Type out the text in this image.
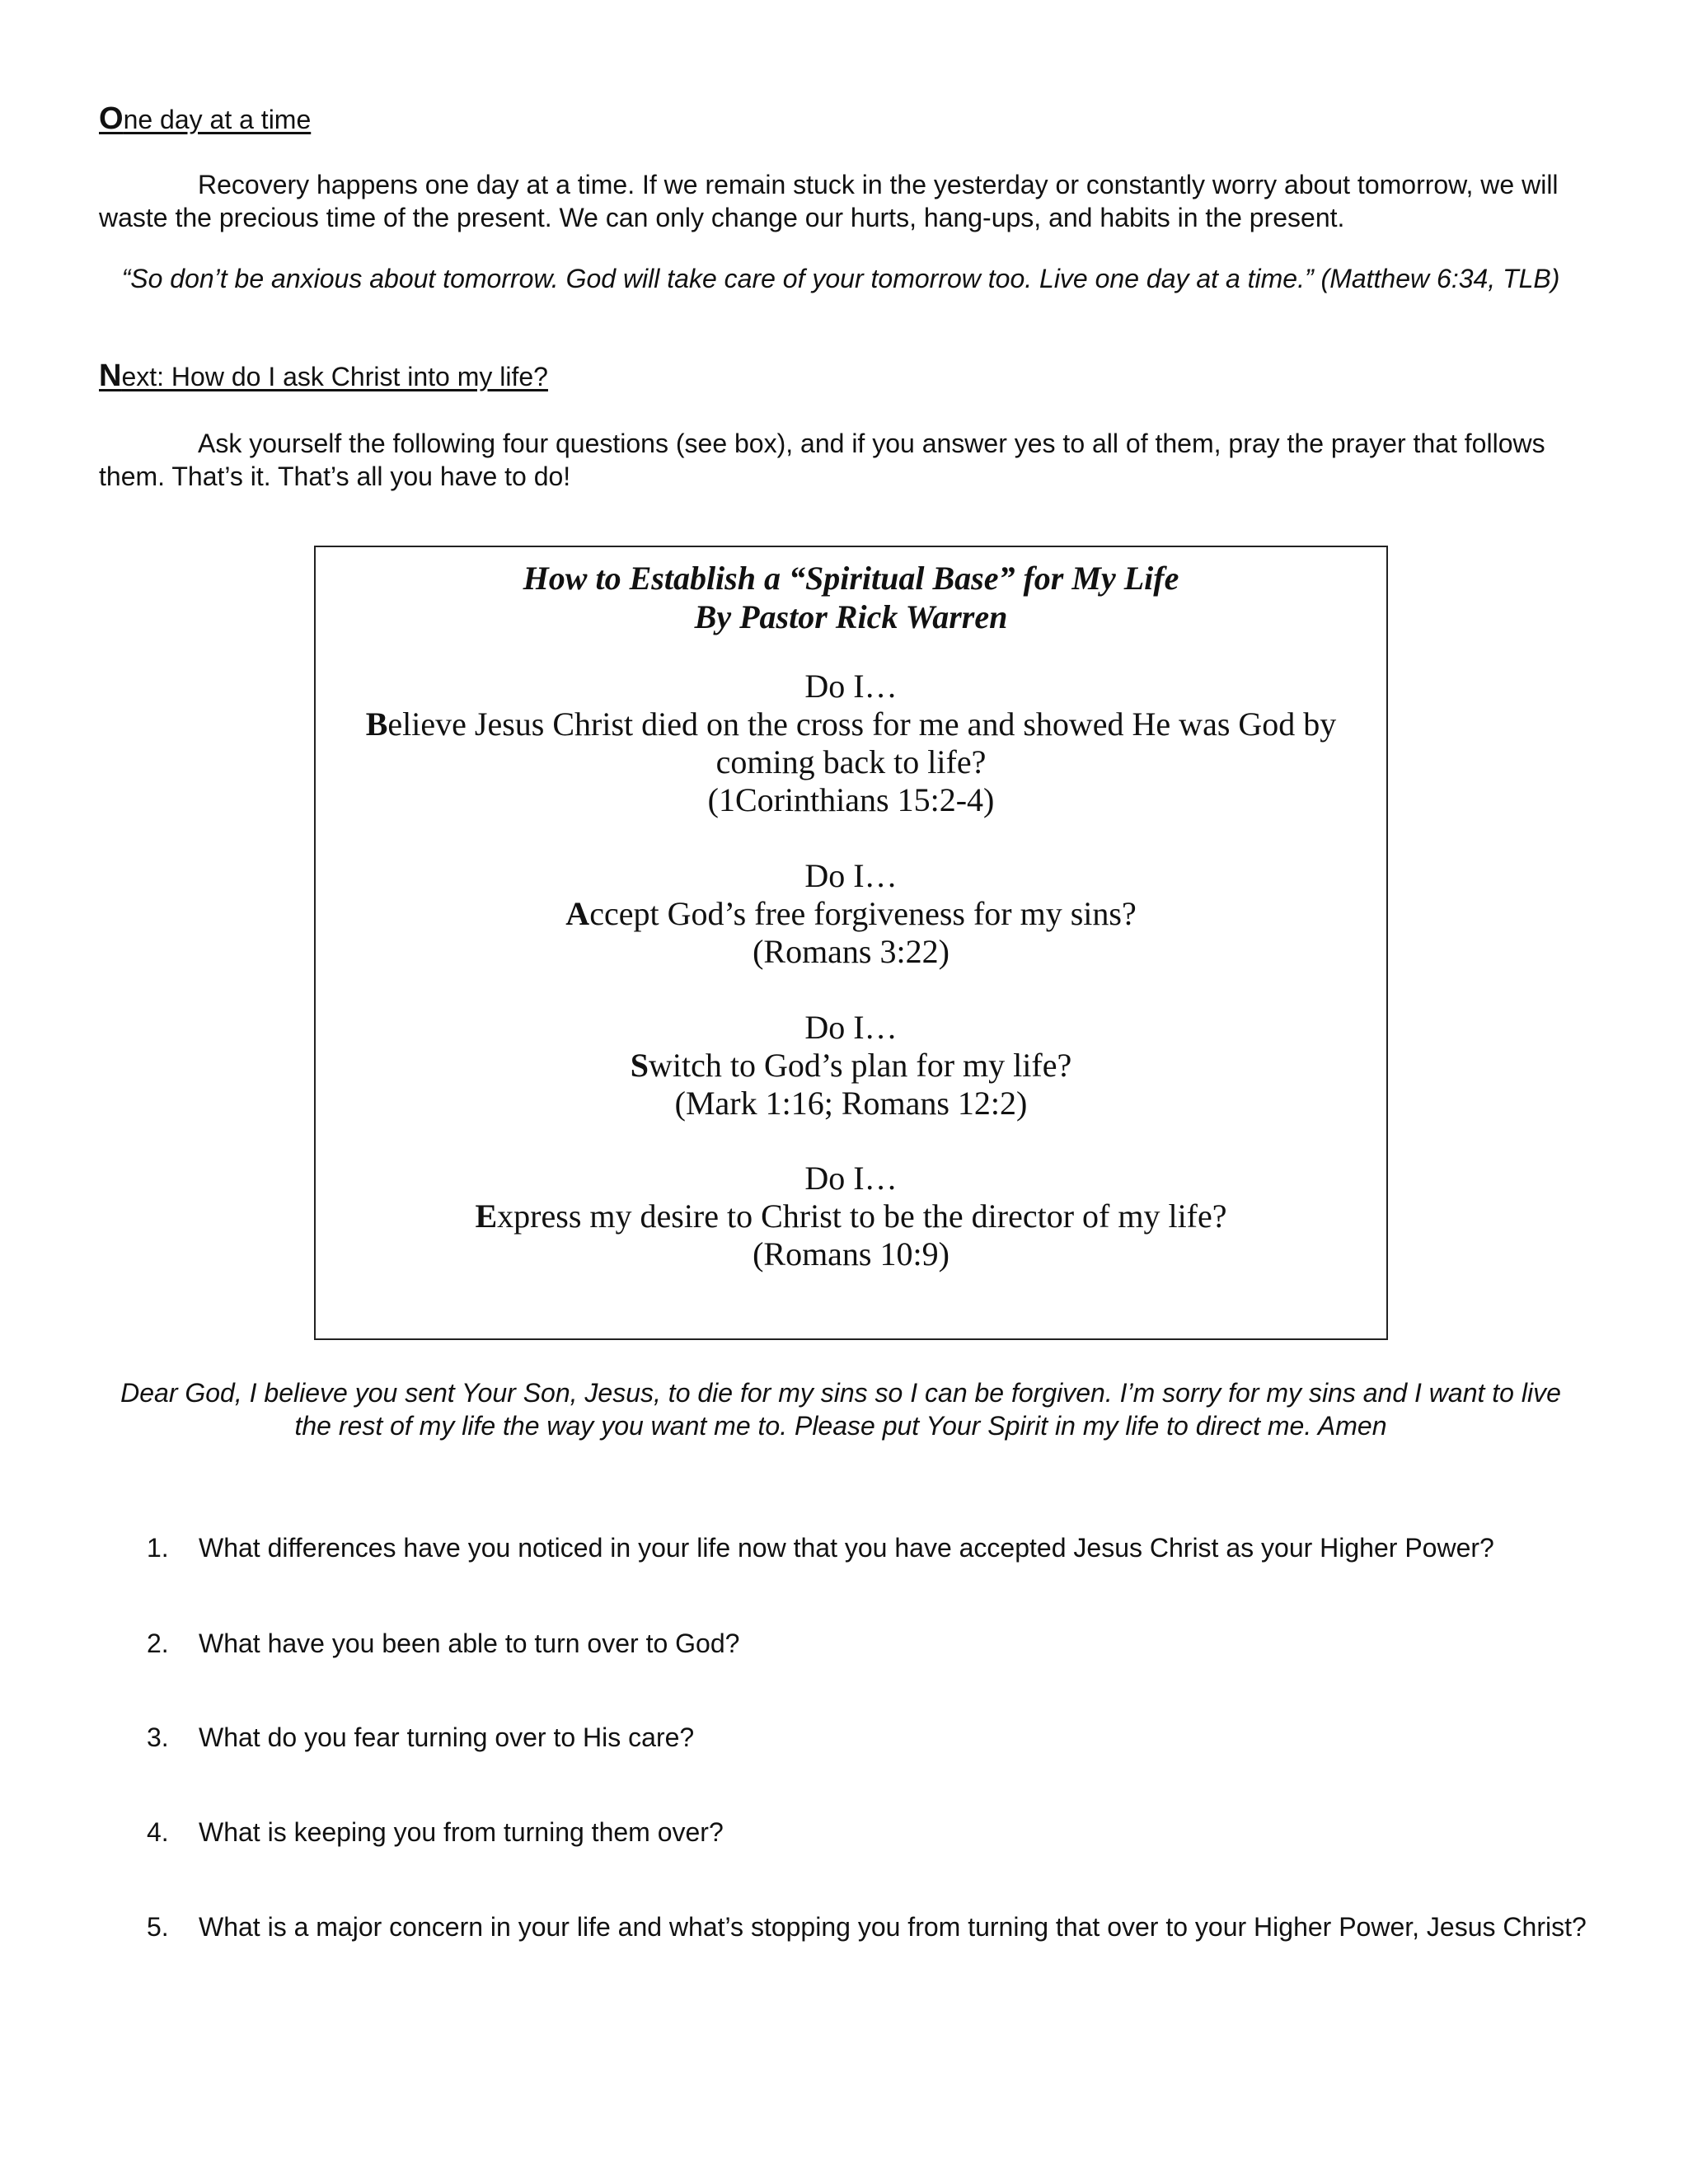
One day at a time

Recovery happens one day at a time. If we remain stuck in the yesterday or constantly worry about tomorrow, we will waste the precious time of the present. We can only change our hurts, hang-ups, and habits in the present.

“So don’t be anxious about tomorrow. God will take care of your tomorrow too. Live one day at a time.” (Matthew 6:34, TLB)

Next: How do I ask Christ into my life?

Ask yourself the following four questions (see box), and if you answer yes to all of them, pray the prayer that follows them. That’s it. That’s all you have to do!

How to Establish a “Spiritual Base” for My Life
By Pastor Rick Warren
Do I…
Believe Jesus Christ died on the cross for me and showed He was God by coming back to life?
(1Corinthians 15:2-4)
Do I…
Accept God’s free forgiveness for my sins?
(Romans 3:22)
Do I…
Switch to God’s plan for my life?
(Mark 1:16; Romans 12:2)
Do I…
Express my desire to Christ to be the director of my life?
(Romans 10:9)

Dear God, I believe you sent Your Son, Jesus, to die for my sins so I can be forgiven. I’m sorry for my sins and I want to live the rest of my life the way you want me to. Please put Your Spirit in my life to direct me. Amen

1. What differences have you noticed in your life now that you have accepted Jesus Christ as your Higher Power?
2. What have you been able to turn over to God?
3. What do you fear turning over to His care?
4. What is keeping you from turning them over?
5. What is a major concern in your life and what’s stopping you from turning that over to your Higher Power, Jesus Christ?
